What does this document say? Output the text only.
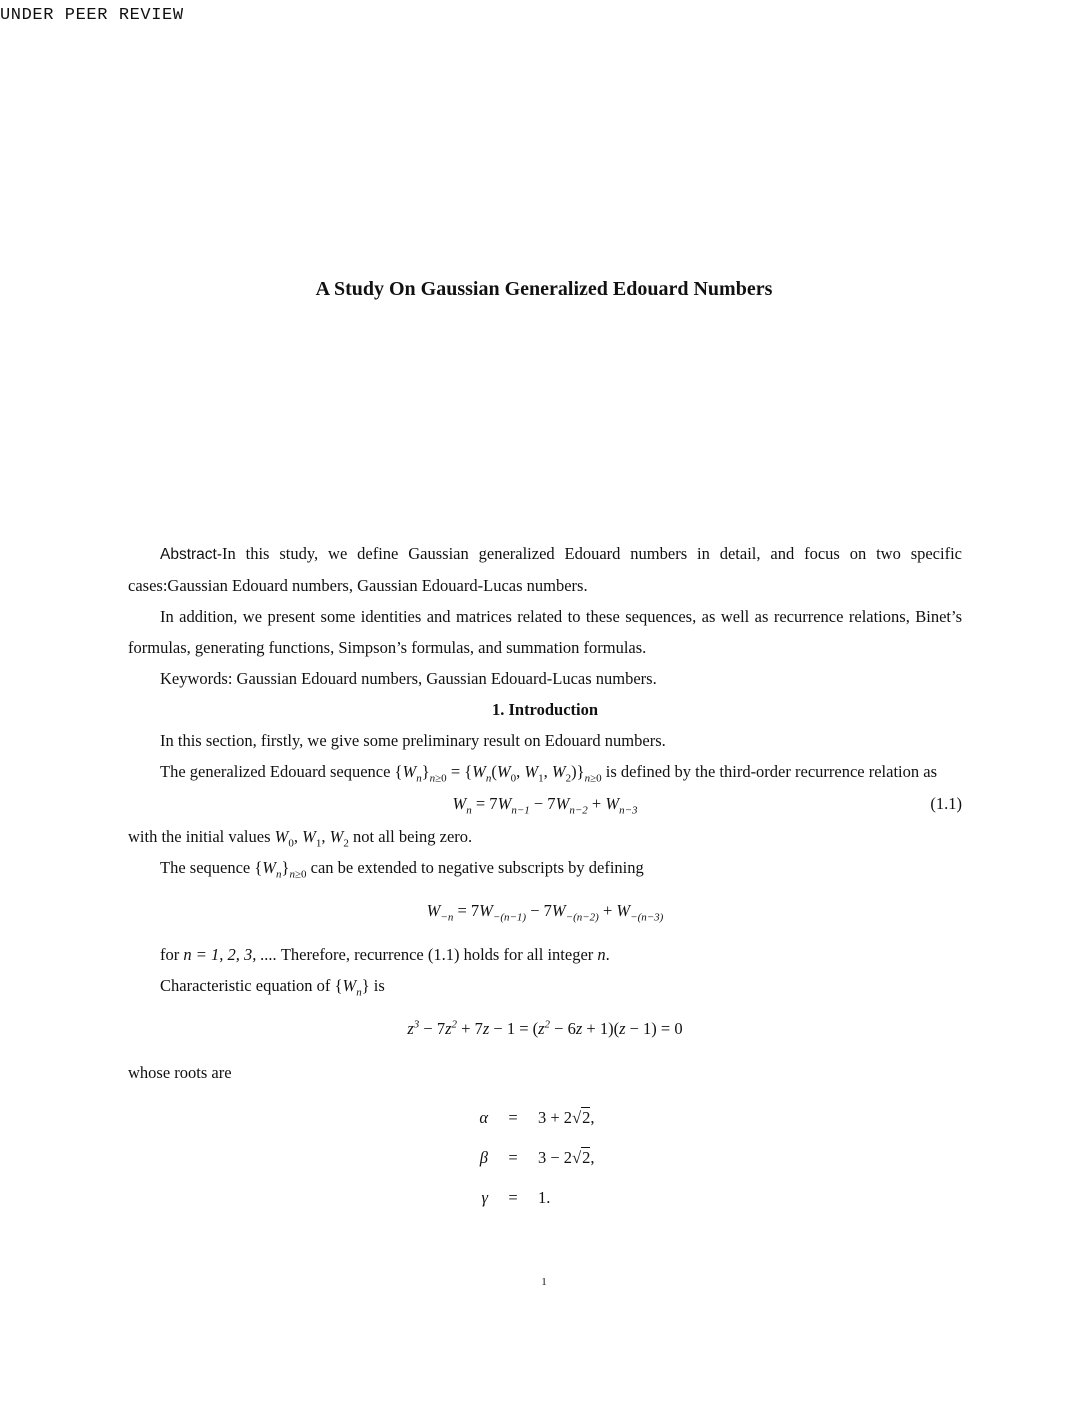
UNDER PEER REVIEW
A Study On Gaussian Generalized Edouard Numbers

Abstract-In this study, we define Gaussian generalized Edouard numbers in detail, and focus on two specific cases:Gaussian Edouard numbers, Gaussian Edouard-Lucas numbers.

In addition, we present some identities and matrices related to these sequences, as well as recurrence relations, Binet’s formulas, generating functions, Simpson’s formulas, and summation formulas.

Keywords: Gaussian Edouard numbers, Gaussian Edouard-Lucas numbers.

1. Introduction

In this section, firstly, we give some preliminary result on Edouard numbers.

The generalized Edouard sequence $\{W_n\}_{n\ge 0} = \{W_n(W_0$, $W_1$, $W_2)\}_{n\ge 0}$ is defined by the third-order recurrence relation as

$W_n = 7W_{n-1} - 7W_{n-2} + W_{n-3}$	(1.1)

with the initial values $W_0$, $W_1$, $W_2$ not all being zero.

The sequence $\{W_n\}_{n\ge 0}$ can be extended to negative subscripts by defining

$W_{-n} = 7W_{-(n-1)} - 7W_{-(n-2)} + W_{-(n-3)}$

for n = 1, 2, 3, .... Therefore, recurrence (1.1) holds for all integer n.

Characteristic equation of $\{W_n\}$ is

$z^3 - 7z^2 + 7z - 1 = (z^2 - 6z + 1)(z - 1) = 0$

whose roots are

α	=	3 + 2√2,
β	=	3 − 2√2,
γ	=	1.
1
